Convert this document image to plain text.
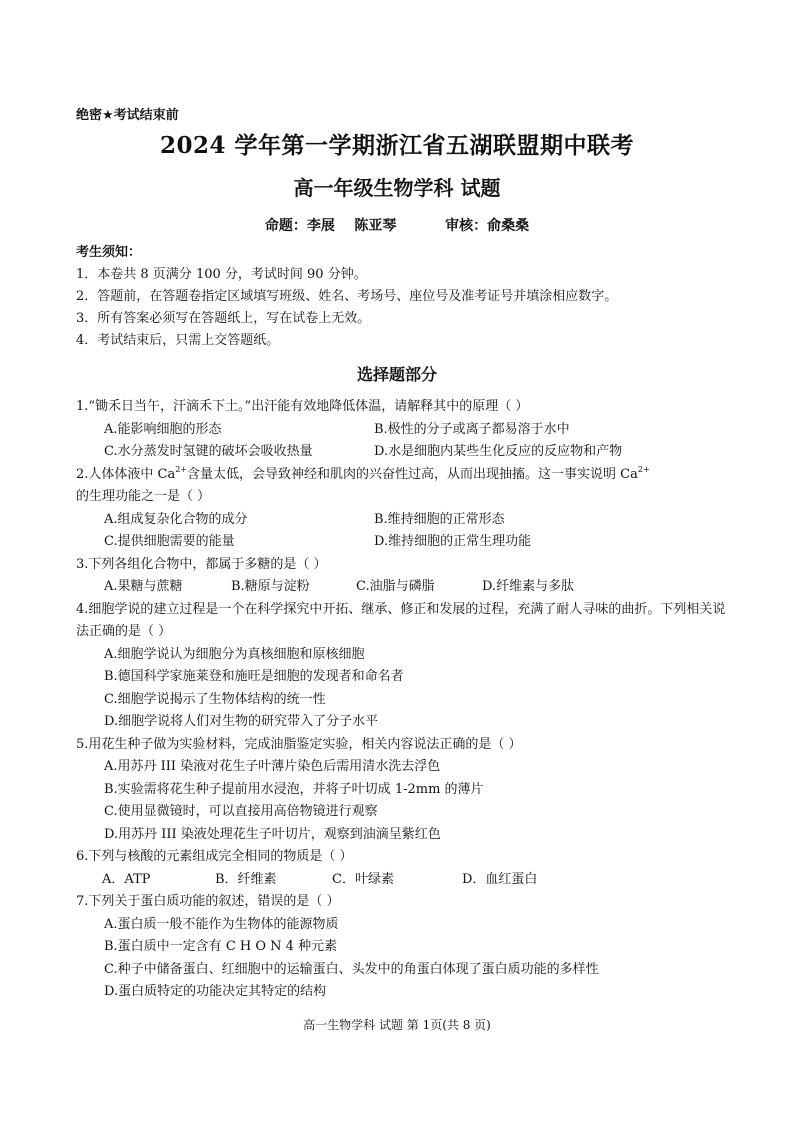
绝密★考试结束前
2024 学年第一学期浙江省五湖联盟期中联考
高一年级生物学科 试题
命题：李展    陈亚琴          审核：俞桑桑
考生须知：
1．本卷共 8 页满分 100 分，考试时间 90 分钟。
2．答题前，在答题卷指定区域填写班级、姓名、考场号、座位号及准考证号并填涂相应数字。
3．所有答案必须写在答题纸上，写在试卷上无效。
4．考试结束后，只需上交答题纸。
选择题部分
1.“锄禾日当午，汗滴禾下土。”出汗能有效地降低体温，请解释其中的原理（ ）
A.能影响细胞的形态	B.极性的分子或离子都易溶于水中
C.水分蒸发时氢键的破坏会吸收热量	D.水是细胞内某些生化反应的反应物和产物
2.人体体液中 $Ca^{2+}$含量太低，会导致神经和肌肉的兴奋性过高，从而出现抽搐。这一事实说明 $Ca^{2+}$
的生理功能之一是（ ）
A.组成复杂化合物的成分	B.维持细胞的正常形态
C.提供细胞需要的能量	D.维持细胞的正常生理功能
3.下列各组化合物中，都属于多糖的是（ ）
A.果糖与蔗糖	B.糖原与淀粉	C.油脂与磷脂	D.纤维素与多肽
4.细胞学说的建立过程是一个在科学探究中开拓、继承、修正和发展的过程，充满了耐人寻味的曲折。下列相关说法正确的是（ ）
A.细胞学说认为细胞分为真核细胞和原核细胞
B.德国科学家施莱登和施旺是细胞的发现者和命名者
C.细胞学说揭示了生物体结构的统一性
D.细胞学说将人们对生物的研究带入了分子水平
5.用花生种子做为实验材料，完成油脂鉴定实验，相关内容说法正确的是（ ）
A.用苏丹 III 染液对花生子叶薄片染色后需用清水洗去浮色
B.实验需将花生种子提前用水浸泡，并将子叶切成 1-2mm 的薄片
C.使用显微镜时，可以直接用高倍物镜进行观察
D.用苏丹 III 染液处理花生子叶切片，观察到油滴呈紫红色
6.下列与核酸的元素组成完全相同的物质是（ ）
A．ATP	B．纤维素	C．叶绿素	D．血红蛋白
7.下列关于蛋白质功能的叙述，错误的是（ ）
A.蛋白质一般不能作为生物体的能源物质
B.蛋白质中一定含有 C H O N 4 种元素
C.种子中储备蛋白、红细胞中的运输蛋白、头发中的角蛋白体现了蛋白质功能的多样性
D.蛋白质特定的功能决定其特定的结构
高一生物学科 试题 第 1页(共 8 页)
